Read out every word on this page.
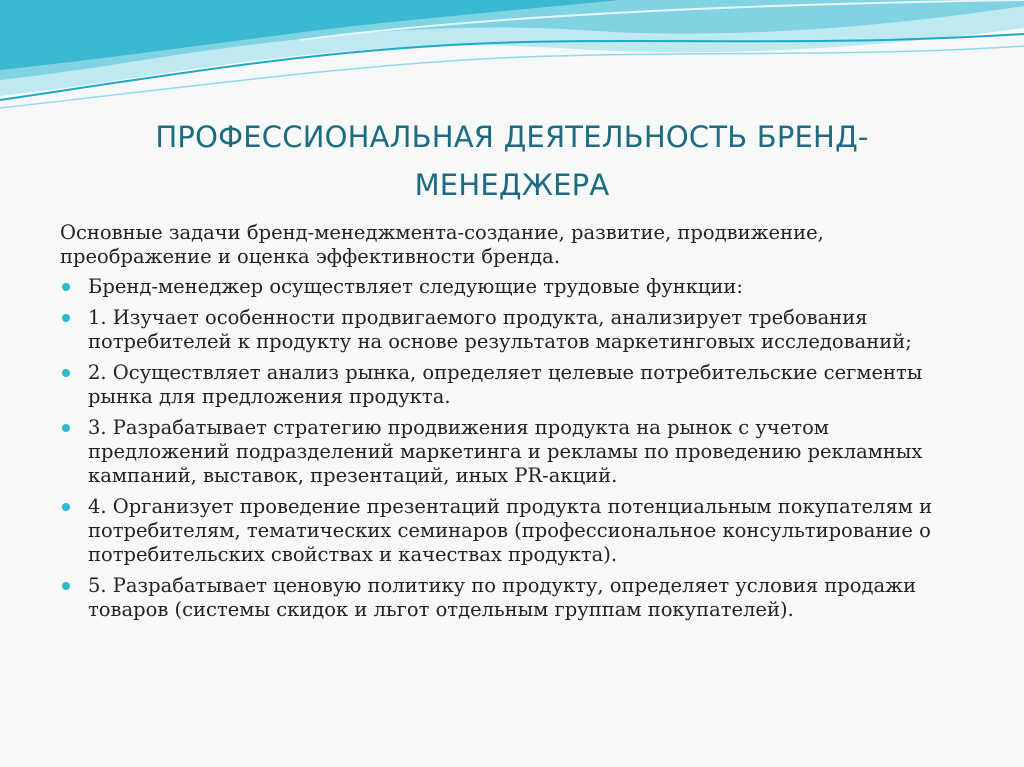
ПРОФЕССИОНАЛЬНАЯ ДЕЯТЕЛЬНОСТЬ БРЕНД-МЕНЕДЖЕРА

Основные задачи бренд-менеджмента-создание, развитие, продвижение, преображение и оценка эффективности бренда.

Бренд-менеджер осуществляет следующие трудовые функции:
1. Изучает особенности продвигаемого продукта, анализирует требования потребителей к продукту на основе результатов маркетинговых исследований;
2. Осуществляет анализ рынка, определяет целевые потребительские сегменты рынка для предложения продукта.
3. Разрабатывает стратегию продвижения продукта на рынок с учетом предложений подразделений маркетинга и рекламы по проведению рекламных кампаний, выставок, презентаций, иных PR-акций.
4. Организует проведение презентаций продукта потенциальным покупателям и потребителям, тематических семинаров (профессиональное консультирование о потребительских свойствах и качествах продукта).
5. Разрабатывает ценовую политику по продукту, определяет условия продажи товаров (системы скидок и льгот отдельным группам покупателей).
